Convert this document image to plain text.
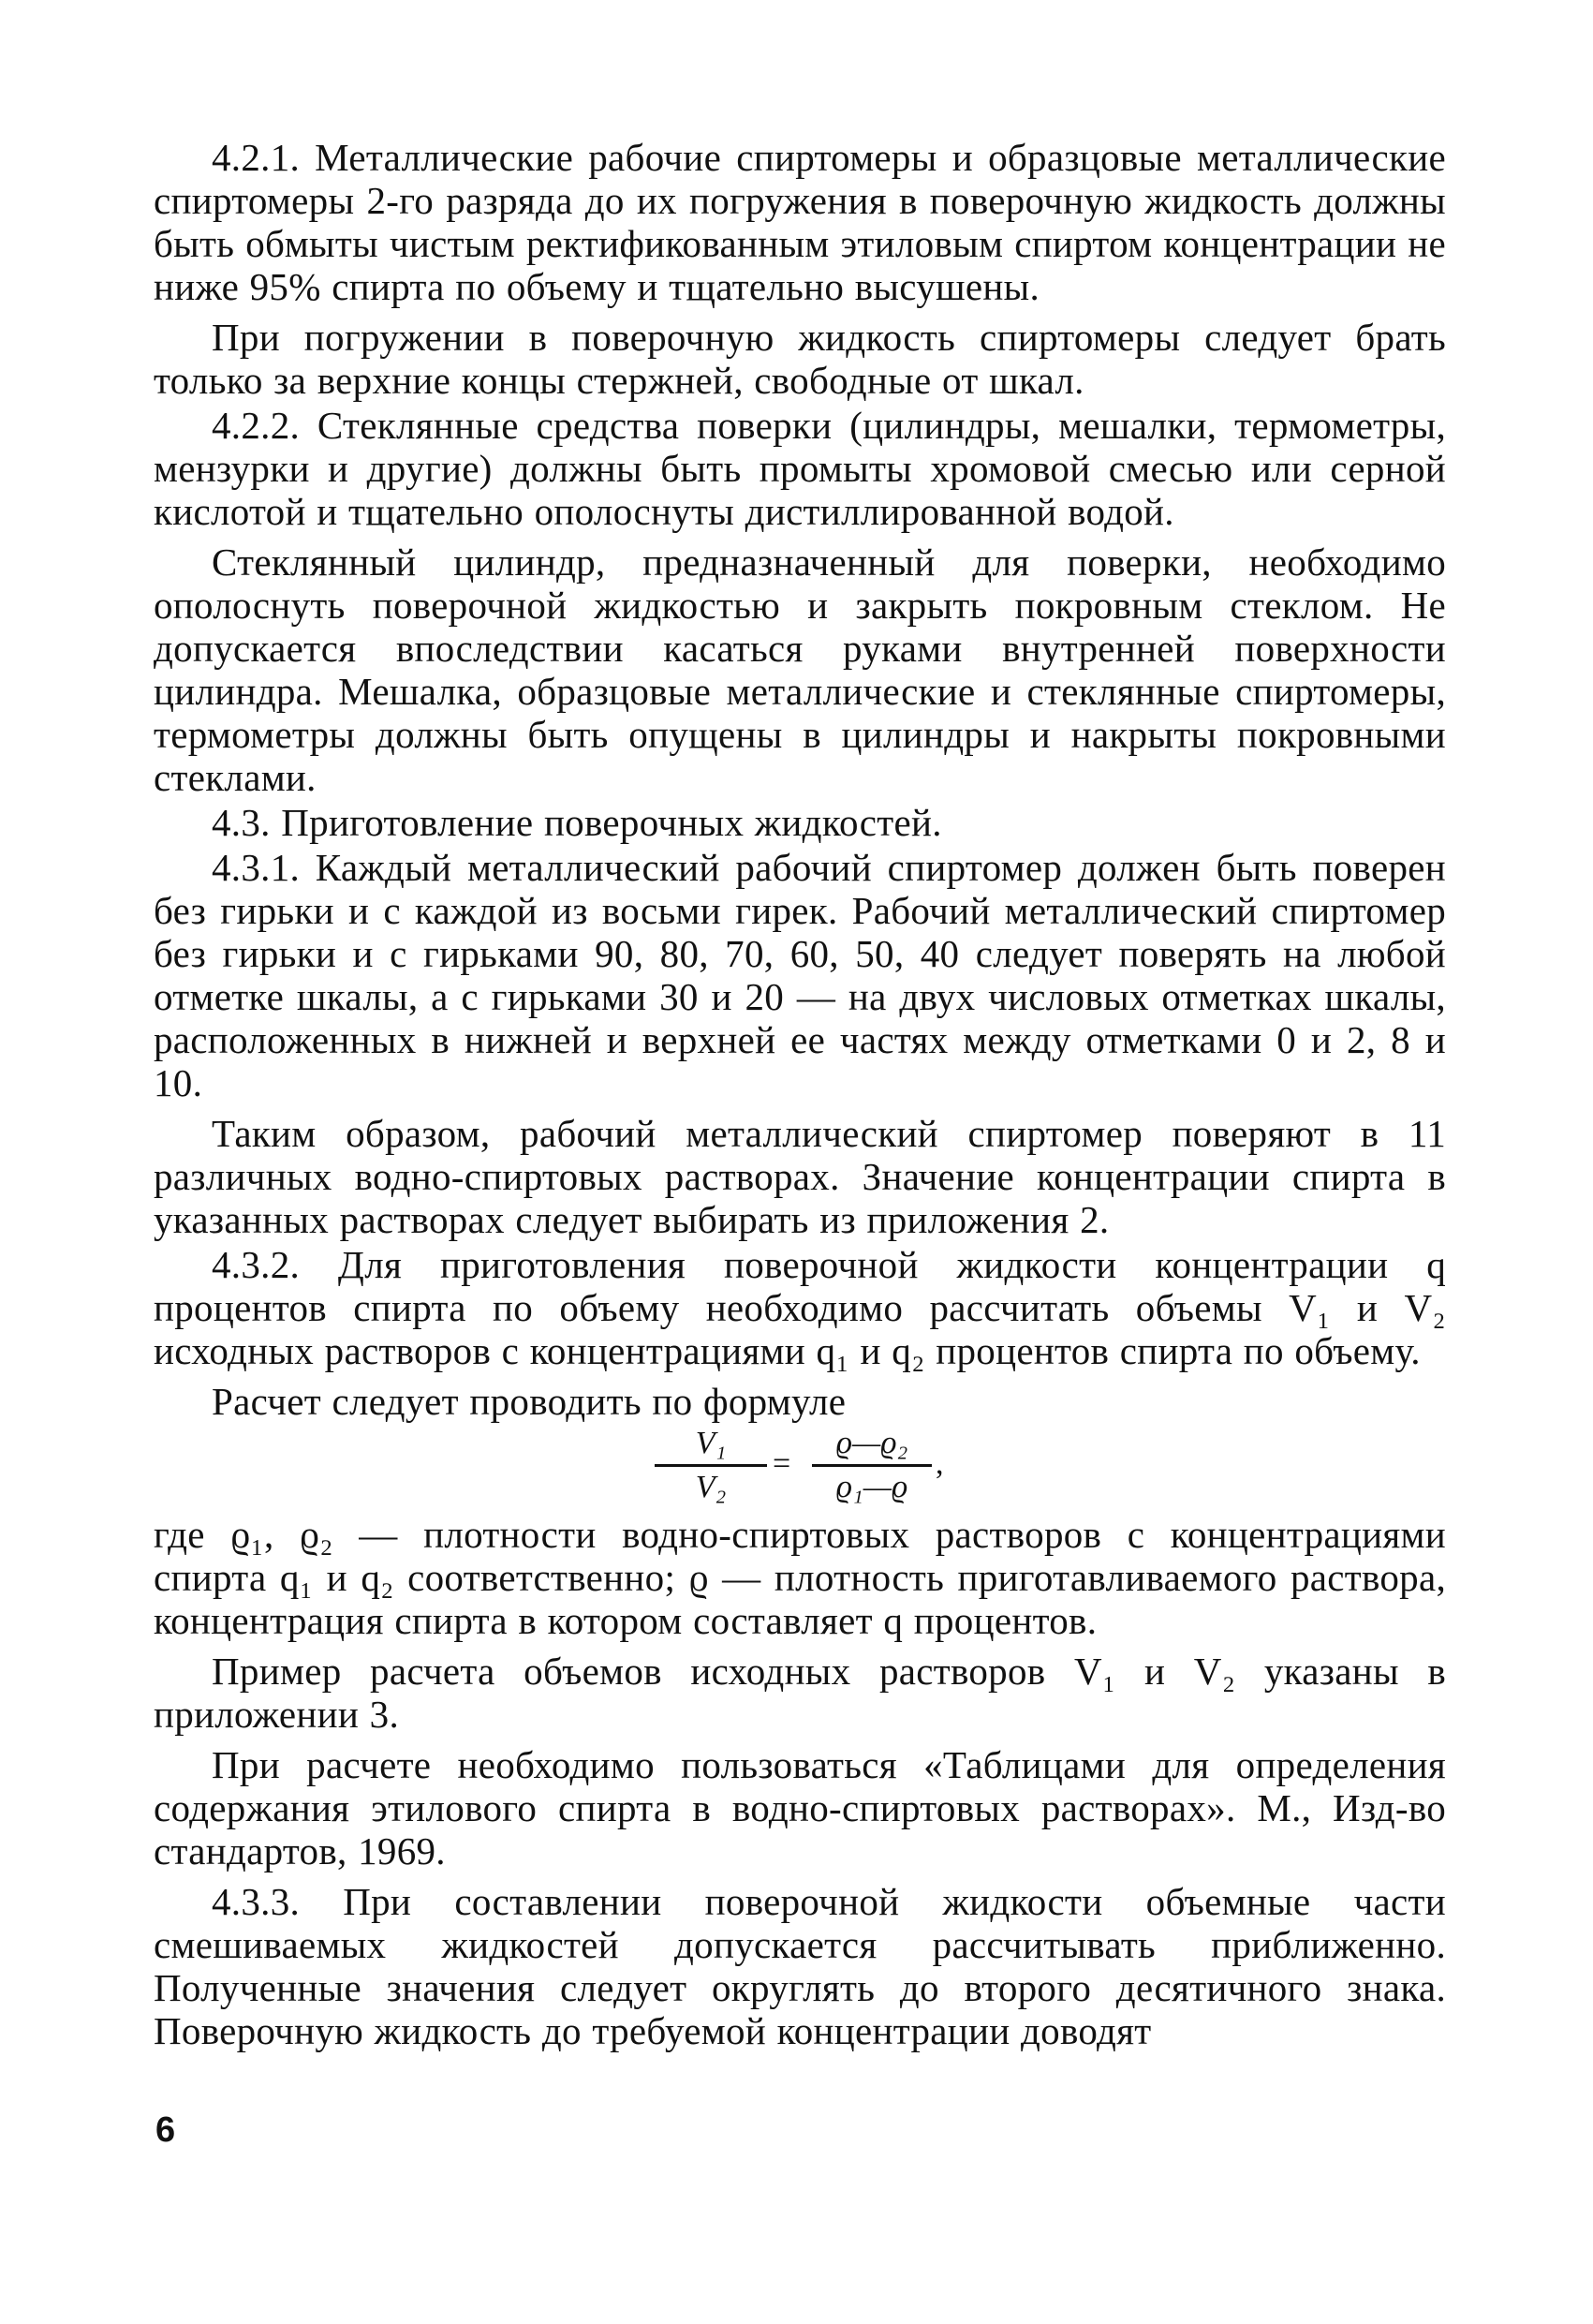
4.2.1. Металлические рабочие спиртомеры и образцовые металлические спиртомеры 2-го разряда до их погружения в поверочную жидкость должны быть обмыты чистым ректификованным этиловым спиртом концентрации не ниже 95% спирта по объему и тщательно высушены.

При погружении в поверочную жидкость спиртомеры следует брать только за верхние концы стержней, свободные от шкал.

4.2.2. Стеклянные средства поверки (цилиндры, мешалки, термометры, мензурки и другие) должны быть промыты хромовой смесью или серной кислотой и тщательно ополоснуты дистиллированной водой.

Стеклянный цилиндр, предназначенный для поверки, необходимо ополоснуть поверочной жидкостью и закрыть покровным стеклом. Не допускается впоследствии касаться руками внутренней поверхности цилиндра. Мешалка, образцовые металлические и стеклянные спиртомеры, термометры должны быть опущены в цилиндры и накрыты покровными стеклами.

4.3. Приготовление поверочных жидкостей.

4.3.1. Каждый металлический рабочий спиртомер должен быть поверен без гирьки и с каждой из восьми гирек. Рабочий металлический спиртомер без гирьки и с гирьками 90, 80, 70, 60, 50, 40 следует поверять на любой отметке шкалы, а с гирьками 30 и 20 — на двух числовых отметках шкалы, расположенных в нижней и верхней ее частях между отметками 0 и 2, 8 и 10.

Таким образом, рабочий металлический спиртомер поверяют в 11 различных водно-спиртовых растворах. Значение концентрации спирта в указанных растворах следует выбирать из приложения 2.

4.3.2. Для приготовления поверочной жидкости концентрации q процентов спирта по объему необходимо рассчитать объемы V₁ и V₂ исходных растворов с концентрациями q₁ и q₂ процентов спирта по объему.

Расчет следует проводить по формуле

V₁
V₂
=
ϱ—ϱ₂
ϱ₁—ϱ
,

где ϱ₁, ϱ₂ — плотности водно-спиртовых растворов с концентрациями спирта q₁ и q₂ соответственно; ϱ — плотность приготавливаемого раствора, концентрация спирта в котором составляет q процентов.

Пример расчета объемов исходных растворов V₁ и V₂ указаны в приложении 3.

При расчете необходимо пользоваться «Таблицами для определения содержания этилового спирта в водно-спиртовых растворах». М., Изд-во стандартов, 1969.

4.3.3. При составлении поверочной жидкости объемные части смешиваемых жидкостей допускается рассчитывать приближенно. Полученные значения следует округлять до второго десятичного знака. Поверочную жидкость до требуемой концентрации доводят

6
